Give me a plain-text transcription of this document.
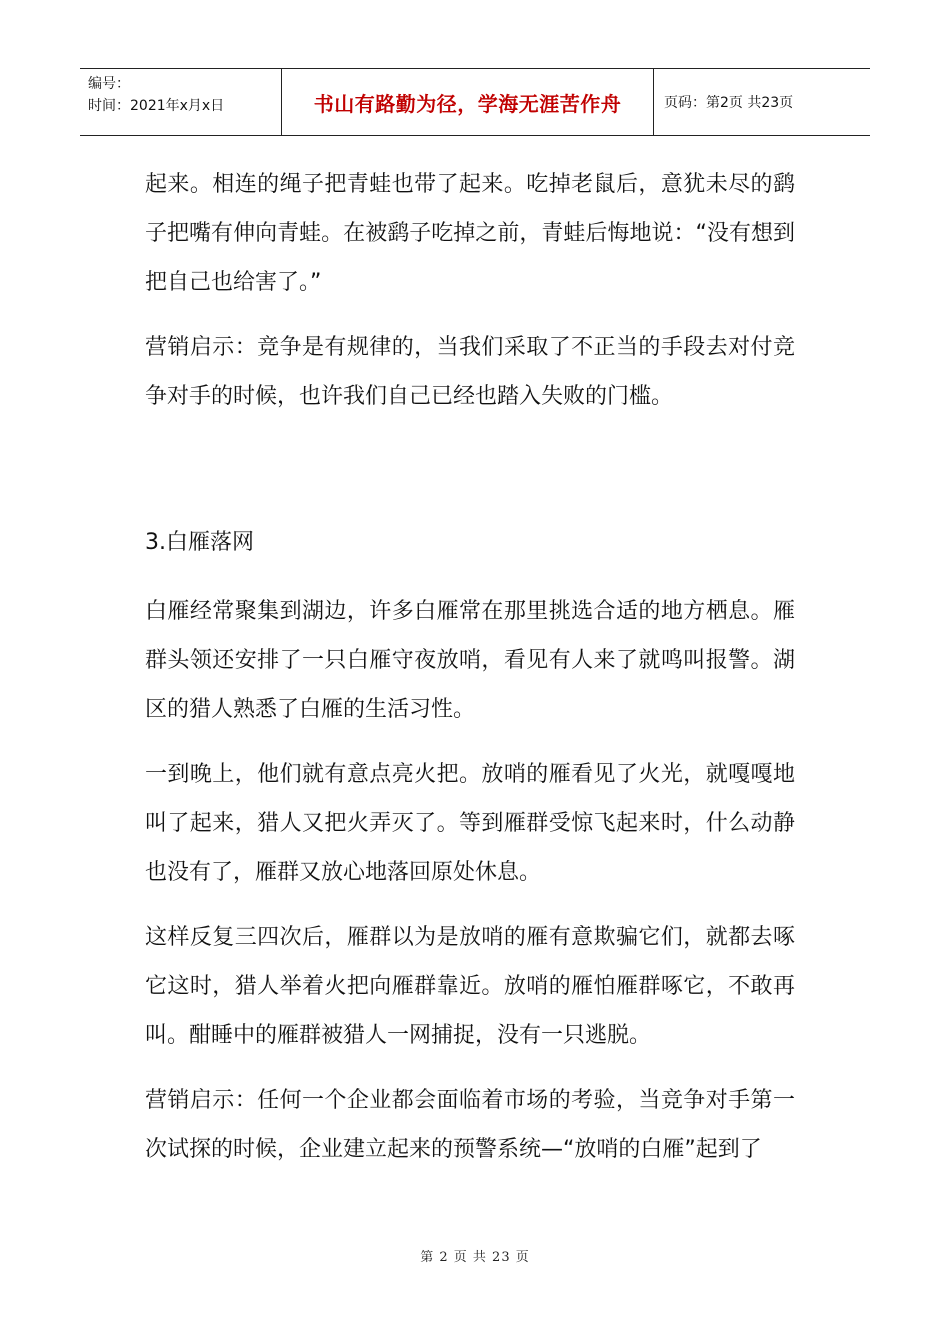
编号：
时间：2021年x月x日	书山有路勤为径，学海无涯苦作舟	页码：第2页 共23页

起来。相连的绳子把青蛙也带了起来。吃掉老鼠后，意犹未尽的鹞子把嘴有伸向青蛙。在被鹞子吃掉之前，青蛙后悔地说：“没有想到把自己也给害了。”

营销启示：竞争是有规律的，当我们采取了不正当的手段去对付竞争对手的时候，也许我们自己已经也踏入失败的门槛。

3.白雁落网

白雁经常聚集到湖边，许多白雁常在那里挑选合适的地方栖息。雁群头领还安排了一只白雁守夜放哨，看见有人来了就鸣叫报警。湖区的猎人熟悉了白雁的生活习性。

一到晚上，他们就有意点亮火把。放哨的雁看见了火光，就嘎嘎地叫了起来，猎人又把火弄灭了。等到雁群受惊飞起来时，什么动静也没有了，雁群又放心地落回原处休息。

这样反复三四次后，雁群以为是放哨的雁有意欺骗它们，就都去啄它这时，猎人举着火把向雁群靠近。放哨的雁怕雁群啄它，不敢再叫。酣睡中的雁群被猎人一网捕捉，没有一只逃脱。

营销启示：任何一个企业都会面临着市场的考验，当竞争对手第一次试探的时候，企业建立起来的预警系统—“放哨的白雁”起到了

第 2 页 共 23 页
